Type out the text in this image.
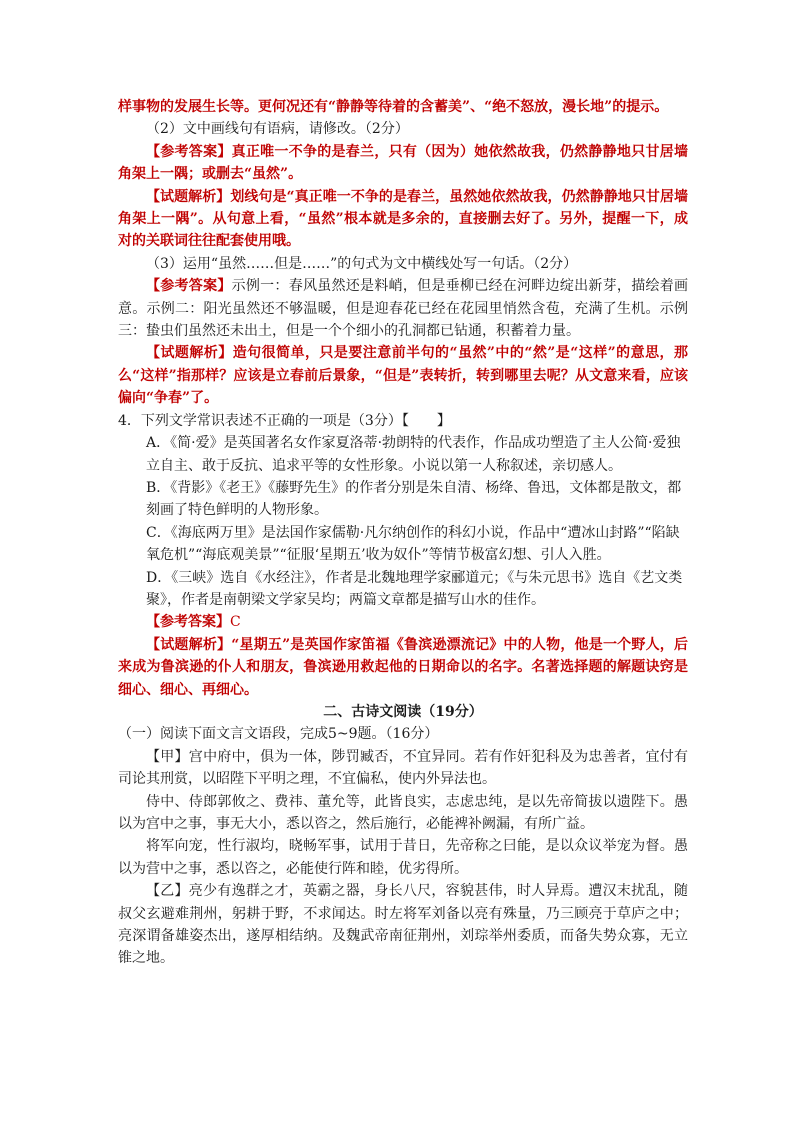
样事物的发展生长等。更何况还有“静静等待着的含蓄美”、“绝不怒放，漫长地”的提示。

（2）文中画线句有语病，请修改。（2分）

【参考答案】真正唯一不争的是春兰，只有（因为）她依然故我，仍然静静地只甘居墙角架上一隅；或删去“虽然”。

【试题解析】划线句是“真正唯一不争的是春兰，虽然她依然故我，仍然静静地只甘居墙角架上一隅”。从句意上看，“虽然”根本就是多余的，直接删去好了。另外，提醒一下，成对的关联词往往配套使用哦。

（3）运用“虽然……但是……”的句式为文中横线处写一句话。（2分）

【参考答案】示例一：春风虽然还是料峭，但是垂柳已经在河畔边绽出新芽，描绘着画意。示例二：阳光虽然还不够温暖，但是迎春花已经在花园里悄然含苞，充满了生机。示例三：蛰虫们虽然还未出土，但是一个个细小的孔洞都已钻通，积蓄着力量。

【试题解析】造句很简单，只是要注意前半句的“虽然”中的“然”是“这样”的意思，那么“这样”指那样？应该是立春前后景象，“但是”表转折，转到哪里去呢？从文意来看，应该偏向“争春”了。

4．下列文学常识表述不正确的一项是（3分）【　　】

A．《简·爱》是英国著名女作家夏洛蒂·勃朗特的代表作，作品成功塑造了主人公简·爱独立自主、敢于反抗、追求平等的女性形象。小说以第一人称叙述，亲切感人。

B．《背影》《老王》《藤野先生》的作者分别是朱自清、杨绛、鲁迅，文体都是散文，都刻画了特色鲜明的人物形象。

C．《海底两万里》是法国作家儒勒·凡尔纳创作的科幻小说，作品中“遭冰山封路”“陷缺氧危机”“海底观美景”“征服‘星期五’收为奴仆”等情节极富幻想、引人入胜。

D．《三峡》选自《水经注》，作者是北魏地理学家郦道元；《与朱元思书》选自《艺文类聚》，作者是南朝梁文学家吴均；两篇文章都是描写山水的佳作。

【参考答案】C

【试题解析】“星期五”是英国作家笛福《鲁滨逊漂流记》中的人物，他是一个野人，后来成为鲁滨逊的仆人和朋友，鲁滨逊用救起他的日期命以的名字。名著选择题的解题诀窍是细心、细心、再细心。

二、古诗文阅读（19分）

（一）阅读下面文言文语段，完成5~9题。（16分）

【甲】宫中府中，俱为一体，陟罚臧否，不宜异同。若有作奸犯科及为忠善者，宜付有司论其刑赏，以昭陛下平明之理，不宜偏私，使内外异法也。

侍中、侍郎郭攸之、费祎、董允等，此皆良实，志虑忠纯，是以先帝简拔以遗陛下。愚以为宫中之事，事无大小，悉以咨之，然后施行，必能裨补阙漏，有所广益。

将军向宠，性行淑均，晓畅军事，试用于昔日，先帝称之曰能，是以众议举宠为督。愚以为营中之事，悉以咨之，必能使行阵和睦，优劣得所。

【乙】亮少有逸群之才，英霸之器，身长八尺，容貌甚伟，时人异焉。遭汉末扰乱，随叔父玄避难荆州，躬耕于野，不求闻达。时左将军刘备以亮有殊量，乃三顾亮于草庐之中；亮深谓备雄姿杰出，遂厚相结纳。及魏武帝南征荆州，刘琮举州委质，而备失势众寡，无立锥之地。
